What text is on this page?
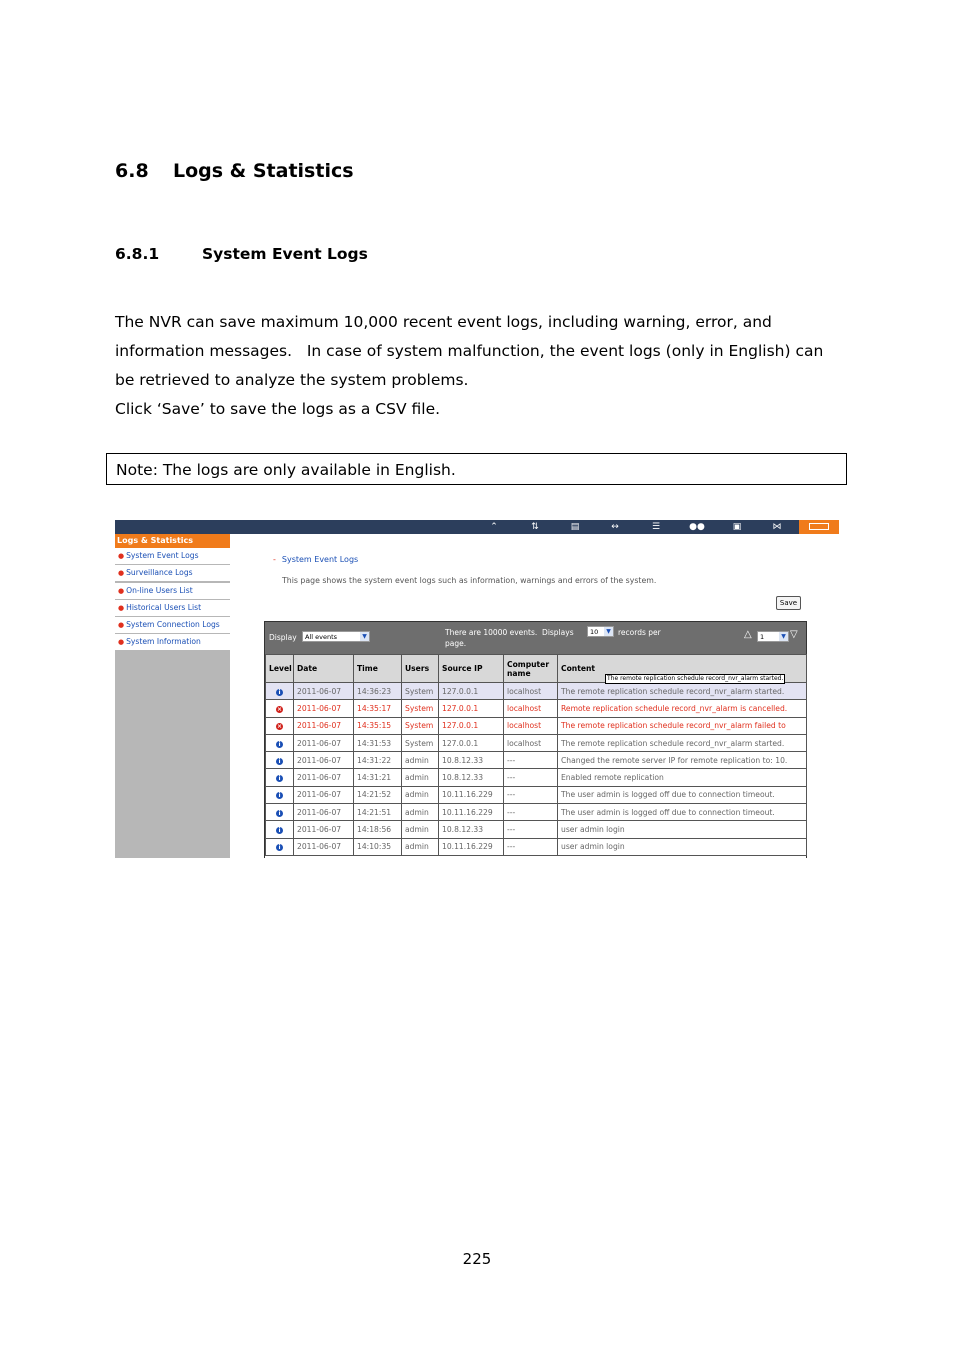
6.8 Logs & Statistics
6.8.1	System Event Logs
The NVR can save maximum 10,000 recent event logs, including warning, error, and
information messages.   In case of system malfunction, the event logs (only in English) can
be retrieved to analyze the system problems.
Click ‘Save’ to save the logs as a CSV file.
Note: The logs are only available in English.
⌃	⇅	▤	↔	☰	●●	▣	⋈
Logs & Statistics
● System Event Logs
● Surveillance Logs
● On-line Users List
● Historical Users List
● System Connection Logs
● System Information
- System Event Logs
This page shows the system event logs such as information, warnings and errors of the system.
Save
Display	All events	▼	There are 10000 events.  Displays
page.
10	▼ records per	△	1	▼ ▽
Level	Date	Time	Users	Source IP	Computer name	Content
i	2011-06-07	14:36:23	System	127.0.0.1	localhost	The remote replication schedule record_nvr_alarm started.
×	2011-06-07	14:35:17	System	127.0.0.1	localhost	Remote replication schedule record_nvr_alarm is cancelled.
×	2011-06-07	14:35:15	System	127.0.0.1	localhost	The remote replication schedule record_nvr_alarm failed to
i	2011-06-07	14:31:53	System	127.0.0.1	localhost	The remote replication schedule record_nvr_alarm started.
i	2011-06-07	14:31:22	admin	10.8.12.33	---	Changed the remote server IP for remote replication to: 10.
i	2011-06-07	14:31:21	admin	10.8.12.33	---	Enabled remote replication
i	2011-06-07	14:21:52	admin	10.11.16.229	---	The user admin is logged off due to connection timeout.
i	2011-06-07	14:21:51	admin	10.11.16.229	---	The user admin is logged off due to connection timeout.
i	2011-06-07	14:18:56	admin	10.8.12.33	---	user admin login
i	2011-06-07	14:10:35	admin	10.11.16.229	---	user admin login
The remote replication schedule record_nvr_alarm started.
225
